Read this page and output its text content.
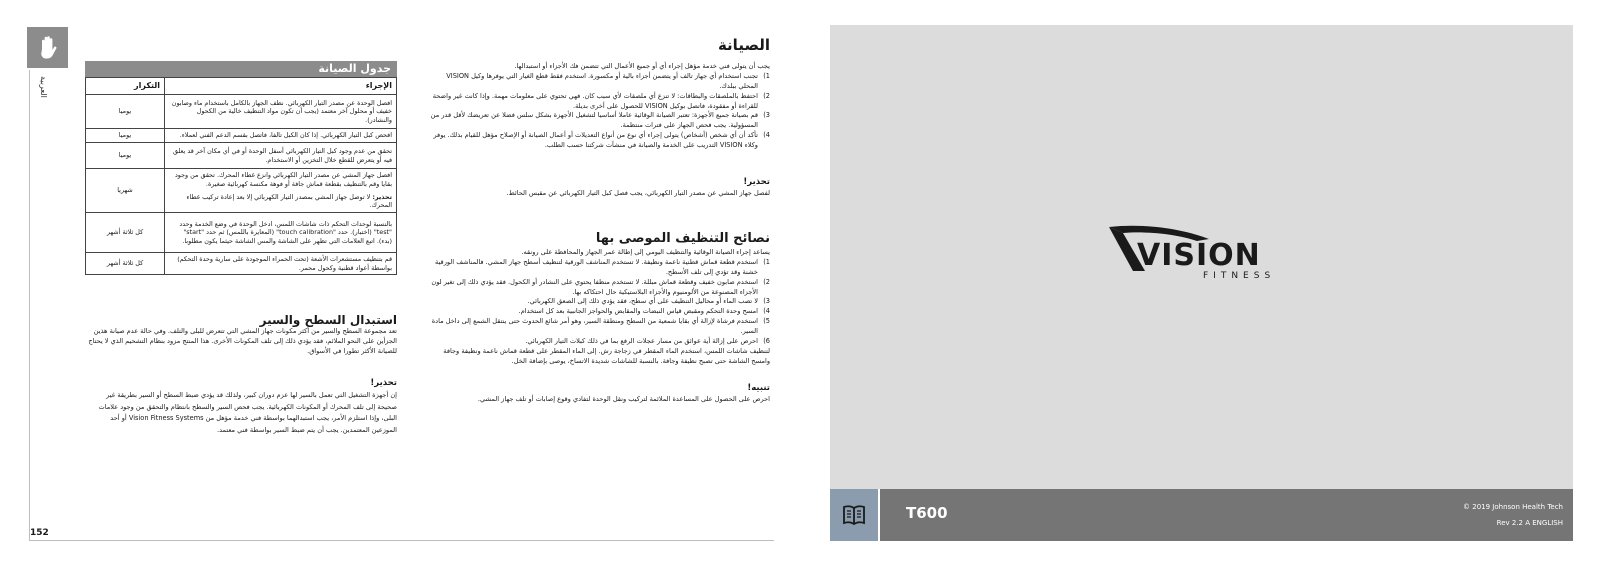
العربية
152
جدول الصيانة
الإجراء	التكرار
افصل الوحدة عن مصدر التيار الكهربائي. نظف الجهاز بالكامل باستخدام ماء وصابون خفيف أو محلول آخر معتمد (يجب أن تكون مواد التنظيف خالية من الكحول والنشادر).	يوميا
افحص كبل التيار الكهربائي. إذا كان الكبل تالفا، فاتصل بقسم الدعم الفني لعملاء.	يوميا
تحقق من عدم وجود كبل التيار الكهربائي أسفل الوحدة أو في أي مكان آخر قد يعلق فيه أو يتعرض للقطع خلال التخزين أو الاستخدام.	يوميا
افصل جهاز المشي عن مصدر التيار الكهربائي وانزع غطاء المحرك. تحقق من وجود بقايا وقم بالتنظيف بقطعة قماش جافة أو فوهة مكنسة كهربائية صغيرة.
تحذير: لا توصل جهاز المشي بمصدر التيار الكهربائي إلا بعد إعادة تركيب غطاء المحرك.	شهريا
بالنسبة لوحدات التحكم ذات شاشات اللمس، ادخل الوحدة في وضع الخدمة وحدد "test" (اختبار). حدد "touch calibration" (المعايرة باللمس) ثم حدد "start" (بدء). اتبع العلامات التي تظهر على الشاشة والمس الشاشة حيثما يكون مطلوبا.	كل ثلاثة أشهر
قم بتنظيف مستشعرات الأشعة (تحت الحمراء الموجودة على سارية وحدة التحكم) بواسطة أعواد قطنية وكحول محمر.	كل ثلاثة أشهر
استبدال السطح والسير

تعد مجموعة السطح والسير من أكثر مكونات جهاز المشي التي تتعرض للبلى والتلف. وفي حالة عدم صيانة هذين الجزأين على النحو الملائم، فقد يؤدي ذلك إلى تلف المكونات الأخرى. هذا المنتج مزود بنظام التشحيم الذي لا يحتاج للصيانة الأكثر تطورا في الأسواق.

تحذير!

إن أجهزة التشغيل التي تعمل بالسير لها عزم دوران كبير، ولذلك قد يؤدي ضبط السطح أو السير بطريقة غير صحيحة إلى تلف المحرك أو المكونات الكهربائية. يجب فحص السير والسطح بانتظام والتحقق من وجود علامات البلى، وإذا استلزم الأمر، يجب استبدالهما بواسطة فني خدمة مؤهل من Vision Fitness Systems أو أحد الموزعين المعتمدين. يجب أن يتم ضبط السير بواسطة فني معتمد.

الصيانة

يجب أن يتولى فني خدمة مؤهل إجراء أي أو جميع الأعمال التي تتضمن فك الأجزاء أو استبدالها.

1)
تجنب استخدام أي جهاز تالف أو يتضمن أجزاء بالية أو مكسورة. استخدم فقط قطع الغيار التي يوفرها وكيل VISION المحلي ببلدك.
2)
احتفظ بالملصقات والبطاقات: لا تنزع أي ملصقات لأي سبب كان. فهي تحتوي على معلومات مهمة. وإذا كانت غير واضحة للقراءة أو مفقودة، فاتصل بوكيل VISION للحصول على أخرى بديلة.
3)
قم بصيانة جميع الأجهزة: تعتبر الصيانة الوقائية عاملا أساسيا لتشغيل الأجهزة بشكل سلس فضلا عن تعريضك لأقل قدر من المسؤولية. يجب فحص الجهاز على فترات منتظمة.
4)
تأكد أن أي شخص (أشخاص) يتولى إجراء أي نوع من أنواع التعديلات أو أعمال الصيانة أو الإصلاح مؤهل للقيام بذلك. يوفر وكلاء VISION التدريب على الخدمة والصيانة في منشآت شركتنا حسب الطلب.
تحذير!

لفصل جهاز المشي عن مصدر التيار الكهربائي، يجب فصل كبل التيار الكهربائي عن مقبس الحائط.

نصائح التنظيف الموصى بها

يساعد إجراء الصيانة الوقائية والتنظيف اليومي إلى إطالة عمر الجهاز والمحافظة على رونقه.

1)
استخدم قطعة قماش قطنية ناعمة ونظيفة. لا تستخدم المناشف الورقية لتنظيف أسطح جهاز المشي. فالمناشف الورقية خشنة وقد تؤدي إلى تلف الأسطح.
2)
استخدم صابون خفيف وقطعة قماش مبللة. لا تستخدم منظفا يحتوي على النشادر أو الكحول. فقد يؤدي ذلك إلى تغير لون الأجزاء المصنوعة من الألومنيوم والأجزاء البلاستيكية حال احتكاكه بها.
3)
لا تصب الماء أو محاليل التنظيف على أي سطح، فقد يؤدي ذلك إلى الصعق الكهربائي.
4)
امسح وحدة التحكم ومقبض قياس النبضات والمقابض والحواجز الجانبية بعد كل استخدام.
5)
استخدم فرشاة لإزالة أي بقايا شمعية من السطح ومنطقة السير، وهو أمر شائع الحدوث حتى ينتقل الشمع إلى داخل مادة السير.
6)
احرص على إزالة أية عوائق من مسار عجلات الرفع بما في ذلك كبلات التيار الكهربائي.

لتنظيف شاشات اللمس، استخدم الماء المقطر في زجاجة رش. إلى الماء المقطر على قطعة قماش ناعمة ونظيفة وجافة وامسح الشاشة حتى تصبح نظيفة وجافة. بالنسبة للشاشات شديدة الاتساخ، يوصى بإضافة الخل.

تنبيه!

احرص على الحصول على المساعدة الملائمة لتركيب ونقل الوحدة لتفادي وقوع إصابات أو تلف جهاز المشي.

VISION
FITNESS
T600	© 2019 Johnson Health Tech
Rev 2.2 A ENGLISH
